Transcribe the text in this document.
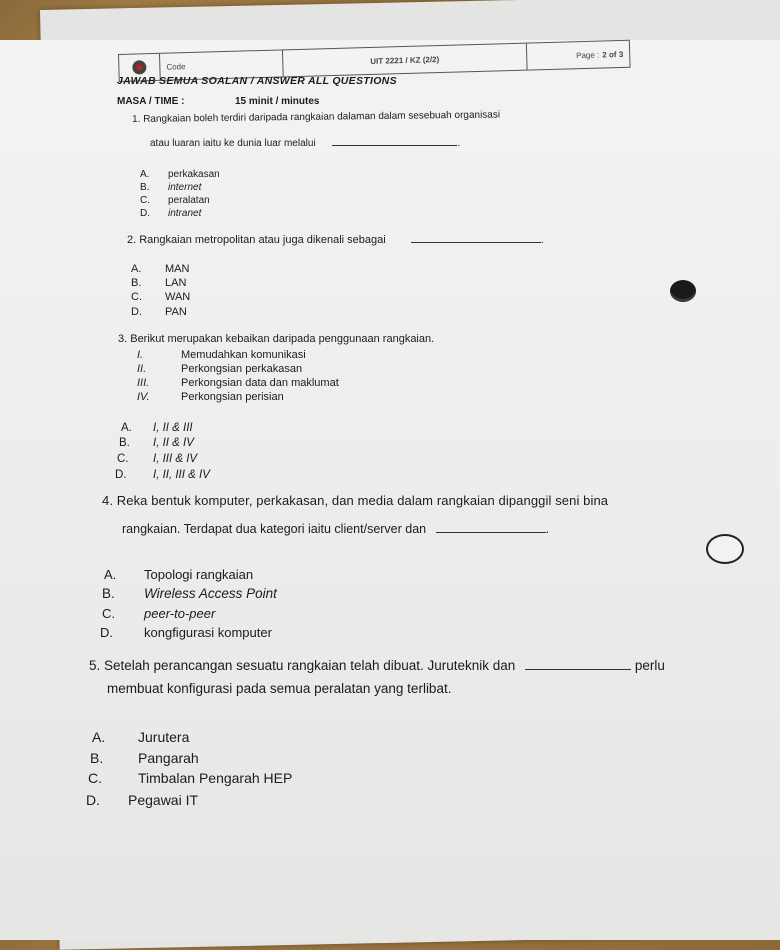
Code
UIT 2221 / KZ (2/2)	Page : 2 of 3
JAWAB SEMUA SOALAN / ANSWER ALL QUESTIONS
MASA / TIME :	15 minit / minutes
1. Rangkaian boleh terdiri daripada rangkaian dalaman dalam sesebuah organisasi
atau luaran iaitu ke dunia luar melalui	.
A. perkakasan
B. internet
C. peralatan
D. intranet
2. Rangkaian metropolitan atau juga dikenali sebagai	.
A. MAN
B. LAN
C. WAN
D. PAN
3. Berikut merupakan kebaikan daripada penggunaan rangkaian.
I.	Memudahkan komunikasi
II.	Perkongsian perkakasan
III.	Perkongsian data dan maklumat
IV.	Perkongsian perisian
A. I, II & III
B. I, II & IV
C. I, III & IV
D. I, II, III & IV
4. Reka bentuk komputer, perkakasan, dan media dalam rangkaian dipanggil seni bina
rangkaian. Terdapat dua kategori iaitu client/server dan	.
A. Topologi rangkaian
B. Wireless Access Point
C. peer-to-peer
D. kongfigurasi komputer
5. Setelah perancangan sesuatu rangkaian telah dibuat. Juruteknik dan	perlu
membuat konfigurasi pada semua peralatan yang terlibat.
A. Jurutera
B. Pangarah
C.	Timbalan Pengarah HEP
D. Pegawai IT
